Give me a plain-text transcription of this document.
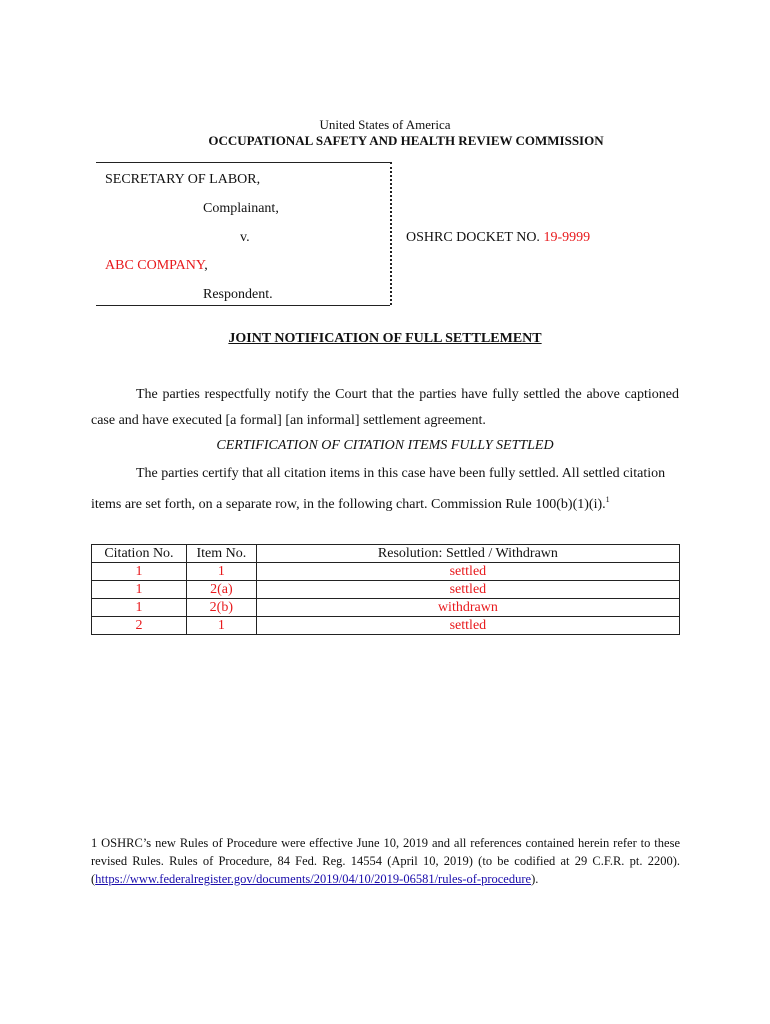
United States of America
OCCUPATIONAL SAFETY AND HEALTH REVIEW COMMISSION
SECRETARY OF LABOR,
Complainant,
v.	OSHRC DOCKET NO. 19-9999
ABC COMPANY,
Respondent.
JOINT NOTIFICATION OF FULL SETTLEMENT
The parties respectfully notify the Court that the parties have fully settled the above captioned case and have executed [a formal] [an informal] settlement agreement.
CERTIFICATION OF CITATION ITEMS FULLY SETTLED
The parties certify that all citation items in this case have been fully settled. All settled citation items are set forth, on a separate row, in the following chart. Commission Rule 100(b)(1)(i).$^1$
Citation No.	Item No.	Resolution: Settled / Withdrawn
1	1	settled
1	2(a)	settled
1	2(b)	withdrawn
2	1	settled
1 OSHRC’s new Rules of Procedure were effective June 10, 2019 and all references contained herein refer to these revised Rules. Rules of Procedure, 84 Fed. Reg. 14554 (April 10, 2019) (to be codified at 29 C.F.R. pt. 2200). (https://www.federalregister.gov/documents/2019/04/10/2019-06581/rules-of-procedure).
